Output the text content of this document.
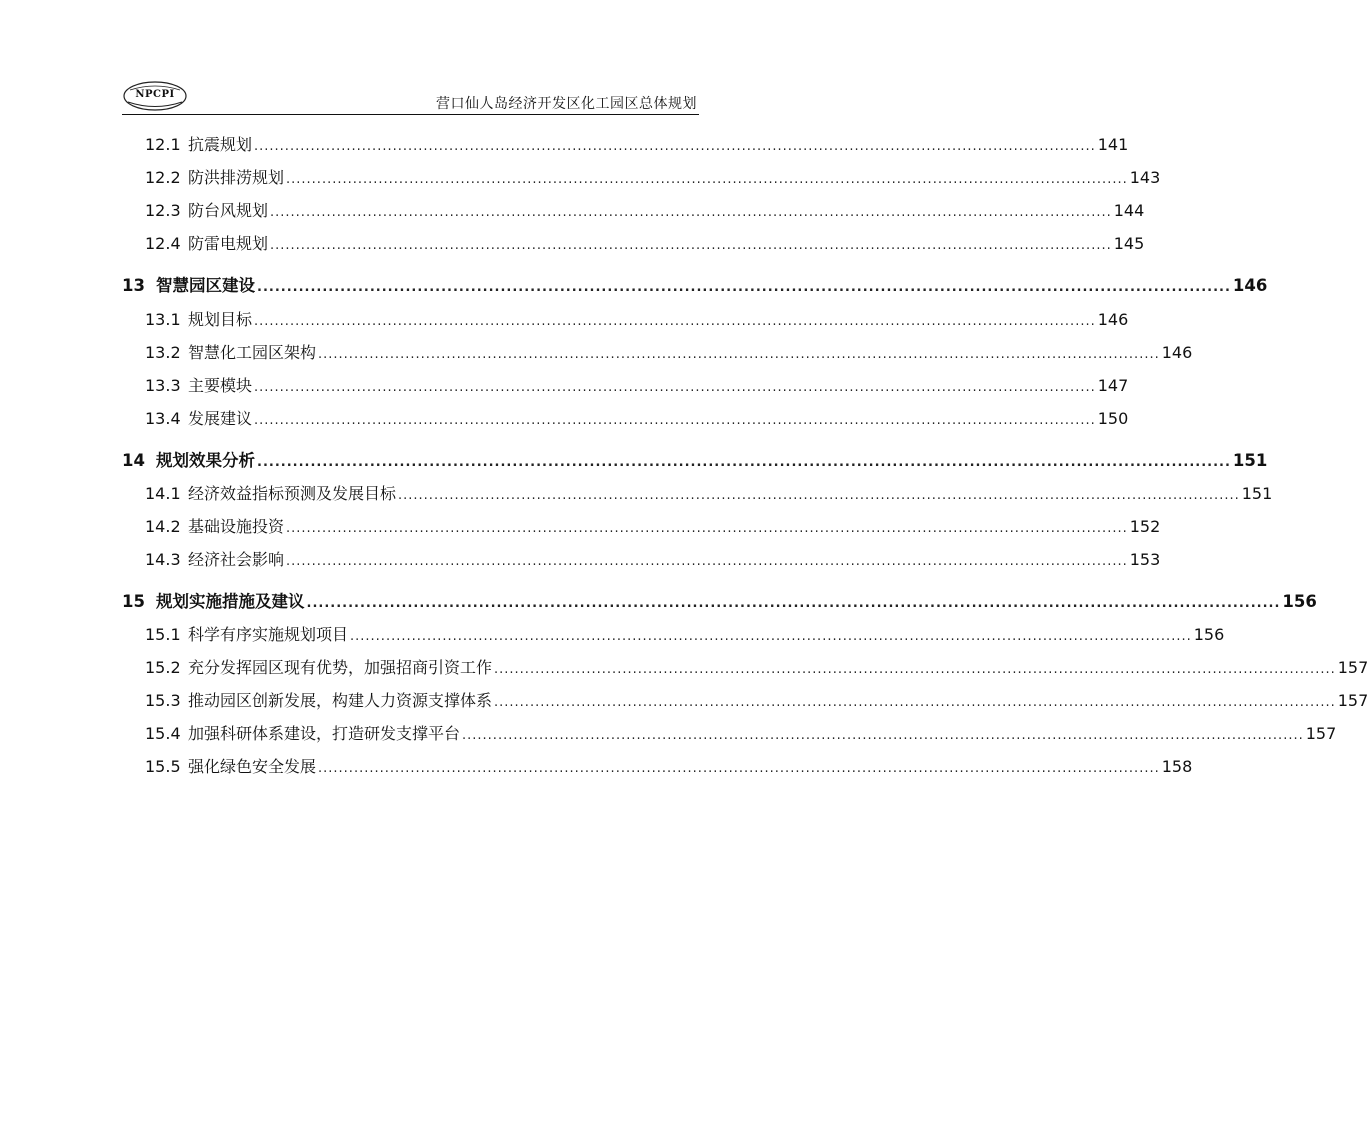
NPCPI
营口仙人岛经济开发区化工园区总体规划
12.1 抗震规划 .................................................................................................................................................................... 141
12.2 防洪排涝规划 .................................................................................................................................................................... 143
12.3 防台风规划 .................................................................................................................................................................... 144
12.4 防雷电规划 .................................................................................................................................................................... 145
13 智慧园区建设 .................................................................................................................................................................... 146
13.1 规划目标 .................................................................................................................................................................... 146
13.2 智慧化工园区架构 .................................................................................................................................................................... 146
13.3 主要模块 .................................................................................................................................................................... 147
13.4 发展建议 .................................................................................................................................................................... 150
14 规划效果分析 .................................................................................................................................................................... 151
14.1 经济效益指标预测及发展目标 .................................................................................................................................................................... 151
14.2 基础设施投资 .................................................................................................................................................................... 152
14.3 经济社会影响 .................................................................................................................................................................... 153
15 规划实施措施及建议 .................................................................................................................................................................... 156
15.1 科学有序实施规划项目 .................................................................................................................................................................... 156
15.2 充分发挥园区现有优势，加强招商引资工作 .................................................................................................................................................................... 157
15.3 推动园区创新发展，构建人力资源支撑体系 .................................................................................................................................................................... 157
15.4 加强科研体系建设，打造研发支撑平台 .................................................................................................................................................................... 157
15.5 强化绿色安全发展 .................................................................................................................................................................... 158
